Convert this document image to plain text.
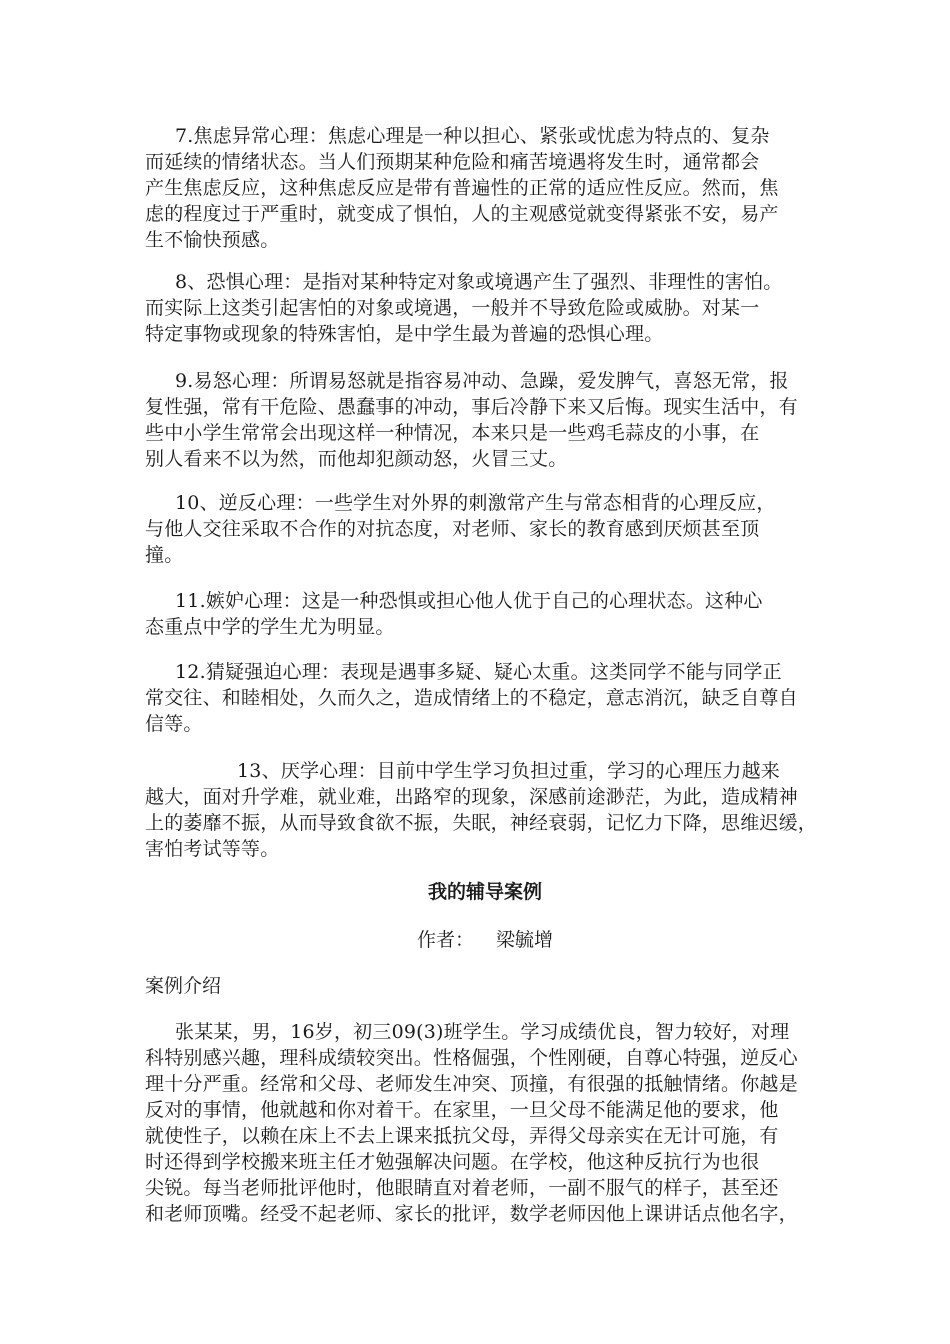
7.焦虑异常心理：焦虑心理是一种以担心、紧张或忧虑为特点的、复杂
而延续的情绪状态。当人们预期某种危险和痛苦境遇将发生时，通常都会
产生焦虑反应，这种焦虑反应是带有普遍性的正常的适应性反应。然而，焦
虑的程度过于严重时，就变成了惧怕，人的主观感觉就变得紧张不安，易产
生不愉快预感。
8、恐惧心理：是指对某种特定对象或境遇产生了强烈、非理性的害怕。
而实际上这类引起害怕的对象或境遇，一般并不导致危险或威胁。对某一
特定事物或现象的特殊害怕，是中学生最为普遍的恐惧心理。
9.易怒心理：所谓易怒就是指容易冲动、急躁，爱发脾气，喜怒无常，报
复性强，常有干危险、愚蠢事的冲动，事后冷静下来又后悔。现实生活中，有
些中小学生常常会出现这样一种情况，本来只是一些鸡毛蒜皮的小事，在
别人看来不以为然，而他却犯颜动怒，火冒三丈。
10、逆反心理：一些学生对外界的刺激常产生与常态相背的心理反应，
与他人交往采取不合作的对抗态度，对老师、家长的教育感到厌烦甚至顶
撞。
11.嫉妒心理：这是一种恐惧或担心他人优于自己的心理状态。这种心
态重点中学的学生尤为明显。
12.猜疑强迫心理：表现是遇事多疑、疑心太重。这类同学不能与同学正
常交往、和睦相处，久而久之，造成情绪上的不稳定，意志消沉，缺乏自尊自
信等。
13、厌学心理：目前中学生学习负担过重，学习的心理压力越来
越大，面对升学难，就业难，出路窄的现象，深感前途渺茫，为此，造成精神
上的萎靡不振，从而导致食欲不振，失眠，神经衰弱，记忆力下降，思维迟缓，
害怕考试等等。
我的辅导案例
作者： 梁毓增
案例介绍
张某某，男，16岁，初三09(3)班学生。学习成绩优良，智力较好，对理
科特别感兴趣，理科成绩较突出。性格倔强，个性刚硬，自尊心特强，逆反心
理十分严重。经常和父母、老师发生冲突、顶撞，有很强的抵触情绪。你越是
反对的事情，他就越和你对着干。在家里，一旦父母不能满足他的要求，他
就使性子，以赖在床上不去上课来抵抗父母，弄得父母亲实在无计可施，有
时还得到学校搬来班主任才勉强解决问题。在学校，他这种反抗行为也很
尖锐。每当老师批评他时，他眼睛直对着老师，一副不服气的样子，甚至还
和老师顶嘴。经受不起老师、家长的批评，数学老师因他上课讲话点他名字，
